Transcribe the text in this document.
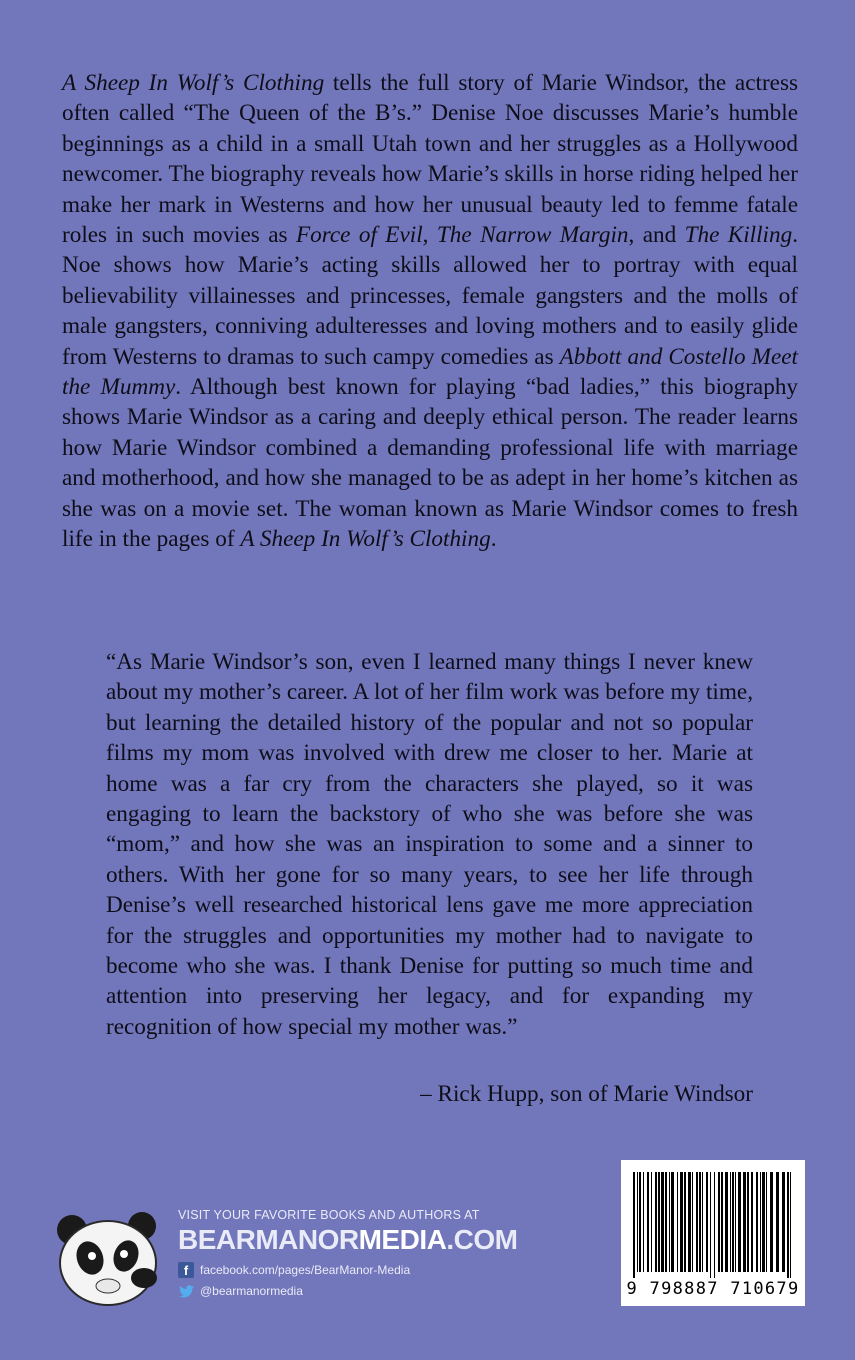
A Sheep In Wolf’s Clothing tells the full story of Marie Windsor, the actress often called “The Queen of the B’s.” Denise Noe discusses Marie’s humble beginnings as a child in a small Utah town and her struggles as a Hollywood newcomer. The biography reveals how Marie’s skills in horse riding helped her make her mark in Westerns and how her unusual beauty led to femme fatale roles in such movies as Force of Evil, The Narrow Margin, and The Killing. Noe shows how Marie’s acting skills allowed her to portray with equal believability villainesses and princesses, female gangsters and the molls of male gangsters, conniving adulteresses and loving mothers and to easily glide from Westerns to dramas to such campy comedies as Abbott and Costello Meet the Mummy. Although best known for playing “bad ladies,” this biography shows Marie Windsor as a caring and deeply ethical person. The reader learns how Marie Windsor combined a demanding professional life with marriage and motherhood, and how she managed to be as adept in her home’s kitchen as she was on a movie set. The woman known as Marie Windsor comes to fresh life in the pages of A Sheep In Wolf’s Clothing.

“As Marie Windsor’s son, even I learned many things I never knew about my mother’s career. A lot of her film work was before my time, but learning the detailed history of the popular and not so popular films my mom was involved with drew me closer to her. Marie at home was a far cry from the characters she played, so it was engaging to learn the backstory of who she was before she was “mom,” and how she was an inspiration to some and a sinner to others. With her gone for so many years, to see her life through Denise’s well researched historical lens gave me more appreciation for the struggles and opportunities my mother had to navigate to become who she was. I thank Denise for putting so much time and attention into preserving her legacy, and for expanding my recognition of how special my mother was.”

– Rick Hupp, son of Marie Windsor

VISIT YOUR FAVORITE BOOKS AND AUTHORS AT
BEARMANORMEDIA.COM
f facebook.com/pages/BearManor-Media
@bearmanormedia	9 798887 710679
